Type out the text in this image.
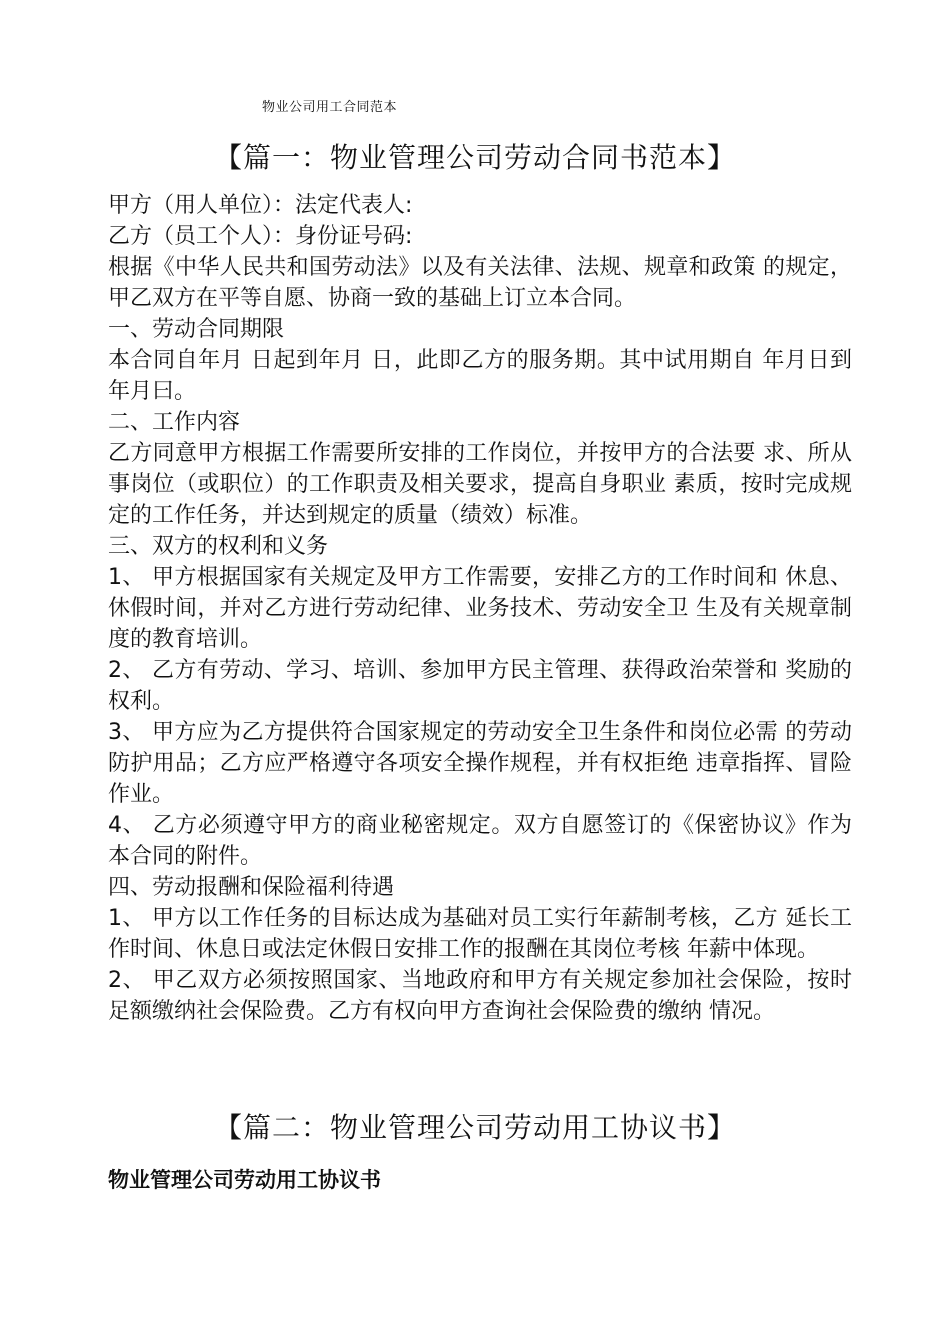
物业公司用工合同范本
【篇一：物业管理公司劳动合同书范本】

甲方（用人单位）：法定代表人:

乙方（员工个人）：身份证号码:

根据《中华人民共和国劳动法》以及有关法律、法规、规章和政策 的规定，甲乙双方在平等自愿、协商一致的基础上订立本合同。

一、劳动合同期限

本合同自年月 日起到年月 日，此即乙方的服务期。其中试用期自 年月日到年月曰。

二、工作内容

乙方同意甲方根据工作需要所安排的工作岗位，并按甲方的合法要 求、所从事岗位（或职位）的工作职责及相关要求，提高自身职业 素质，按时完成规定的工作任务，并达到规定的质量（绩效）标准。

三、双方的权利和义务

1、 甲方根据国家有关规定及甲方工作需要，安排乙方的工作时间和 休息、休假时间，并对乙方进行劳动纪律、业务技术、劳动安全卫 生及有关规章制度的教育培训。

2、 乙方有劳动、学习、培训、参加甲方民主管理、获得政治荣誉和 奖励的权利。

3、 甲方应为乙方提供符合国家规定的劳动安全卫生条件和岗位必需 的劳动防护用品；乙方应严格遵守各项安全操作规程，并有权拒绝 违章指挥、冒险作业。

4、 乙方必须遵守甲方的商业秘密规定。双方自愿签订的《保密协议》作为本合同的附件。

四、劳动报酬和保险福利待遇

1、 甲方以工作任务的目标达成为基础对员工实行年薪制考核，乙方 延长工作时间、休息日或法定休假日安排工作的报酬在其岗位考核 年薪中体现。

2、 甲乙双方必须按照国家、当地政府和甲方有关规定参加社会保险，按时足额缴纳社会保险费。乙方有权向甲方查询社会保险费的缴纳 情况。

【篇二：物业管理公司劳动用工协议书】
物业管理公司劳动用工协议书
